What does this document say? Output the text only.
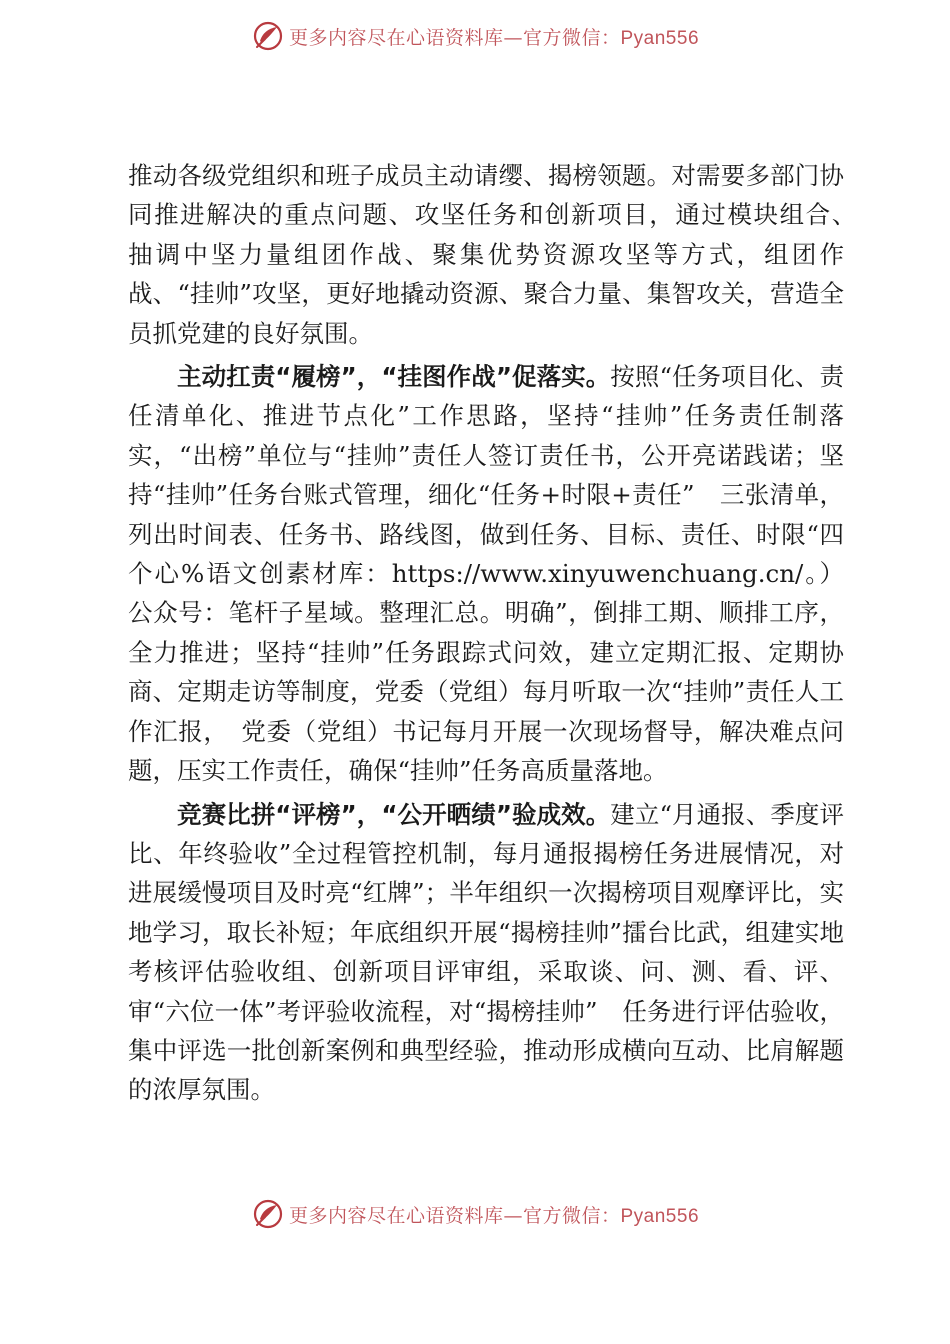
更多内容尽在心语资料库—官方微信：Pyan556

推动各级党组织和班子成员主动请缨、揭榜领题。对需要多部门协同推进解决的重点问题、攻坚任务和创新项目，通过模块组合、　抽调中坚力量组团作战、聚集优势资源攻坚等方式，组团作战、“挂帅”攻坚，更好地撬动资源、聚合力量、集智攻关，营造全员抓党建的良好氛围。

主动扛责“履榜”，“挂图作战”促落实。按照“任务项目化、责任清单化、推进节点化”工作思路，坚持“挂帅”任务责任制落实，“出榜”单位与“挂帅”责任人签订责任书，公开亮诺践诺；坚持“挂帅”任务台账式管理，细化“任务+时限+责任”　三张清单，列出时间表、任务书、路线图，做到任务、目标、责任、时限“四个心%语文创素材库：https://www.xinyuwenchuang.cn/。）公众号：笔杆子星域。整理汇总。明确”，倒排工期、顺排工序，全力推进；坚持“挂帅”任务跟踪式问效，建立定期汇报、定期协商、定期走访等制度，党委（党组）每月听取一次“挂帅”责任人工作汇报，　党委（党组）书记每月开展一次现场督导，解决难点问题，压实工作责任，确保“挂帅”任务高质量落地。

竞赛比拼“评榜”，“公开晒绩”验成效。建立“月通报、季度评比、年终验收”全过程管控机制，每月通报揭榜任务进展情况，对进展缓慢项目及时亮“红牌”；半年组织一次揭榜项目观摩评比，实地学习，取长补短；年底组织开展“揭榜挂帅”擂台比武，组建实地考核评估验收组、创新项目评审组，采取谈、问、测、看、评、审“六位一体”考评验收流程，对“揭榜挂帅”　任务进行评估验收，集中评选一批创新案例和典型经验，推动形成横向互动、比肩解题的浓厚氛围。

更多内容尽在心语资料库—官方微信：Pyan556
